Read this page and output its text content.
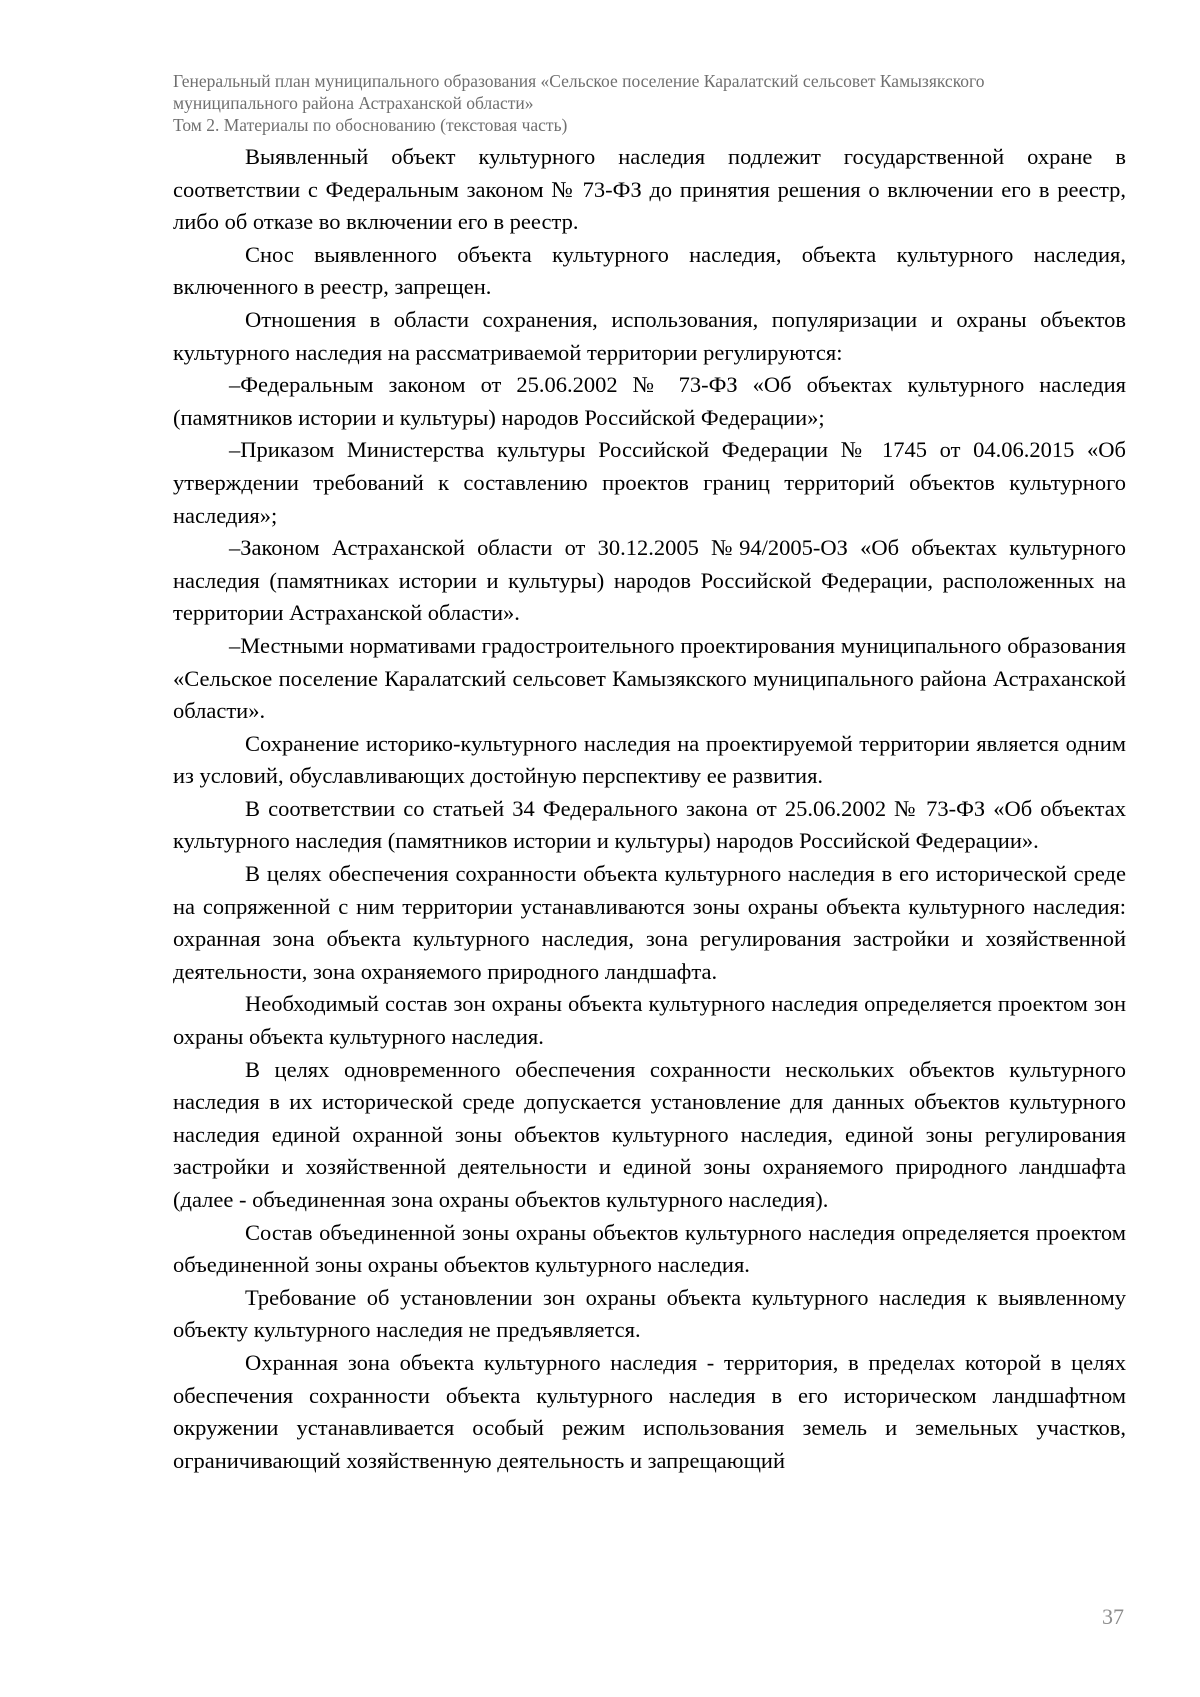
Генеральный план муниципального образования «Сельское поселение Каралатский сельсовет Камызякского
муниципального района Астраханской области»
Том 2. Материалы по обоснованию (текстовая часть)

Выявленный объект культурного наследия подлежит государственной охране в соответствии с Федеральным законом № 73-ФЗ до принятия решения о включении его в реестр, либо об отказе во включении его в реестр.

Снос выявленного объекта культурного наследия, объекта культурного наследия, включенного в реестр, запрещен.

Отношения в области сохранения, использования, популяризации и охраны объектов культурного наследия на рассматриваемой территории регулируются:

–Федеральным законом от 25.06.2002 № 73-ФЗ «Об объектах культурного наследия (памятников истории и культуры) народов Российской Федерации»;

–Приказом Министерства культуры Российской Федерации № 1745 от 04.06.2015 «Об утверждении требований к составлению проектов границ территорий объектов культурного наследия»;

–Законом Астраханской области от 30.12.2005 №94/2005-ОЗ «Об объектах культурного наследия (памятниках истории и культуры) народов Российской Федерации, расположенных на территории Астраханской области».

–Местными нормативами градостроительного проектирования муниципального образования «Сельское поселение Каралатский сельсовет Камызякского муниципального района Астраханской области».

Сохранение историко-культурного наследия на проектируемой территории является одним из условий, обуславливающих достойную перспективу ее развития.

В соответствии со статьей 34 Федерального закона от 25.06.2002 № 73-ФЗ «Об объектах культурного наследия (памятников истории и культуры) народов Российской Федерации».

В целях обеспечения сохранности объекта культурного наследия в его исторической среде на сопряженной с ним территории устанавливаются зоны охраны объекта культурного наследия: охранная зона объекта культурного наследия, зона регулирования застройки и хозяйственной деятельности, зона охраняемого природного ландшафта.

Необходимый состав зон охраны объекта культурного наследия определяется проектом зон охраны объекта культурного наследия.

В целях одновременного обеспечения сохранности нескольких объектов культурного наследия в их исторической среде допускается установление для данных объектов культурного наследия единой охранной зоны объектов культурного наследия, единой зоны регулирования застройки и хозяйственной деятельности и единой зоны охраняемого природного ландшафта (далее - объединенная зона охраны объектов культурного наследия).

Состав объединенной зоны охраны объектов культурного наследия определяется проектом объединенной зоны охраны объектов культурного наследия.

Требование об установлении зон охраны объекта культурного наследия к выявленному объекту культурного наследия не предъявляется.

Охранная зона объекта культурного наследия - территория, в пределах которой в целях обеспечения сохранности объекта культурного наследия в его историческом ландшафтном окружении устанавливается особый режим использования земель и земельных участков, ограничивающий хозяйственную деятельность и запрещающий

37
